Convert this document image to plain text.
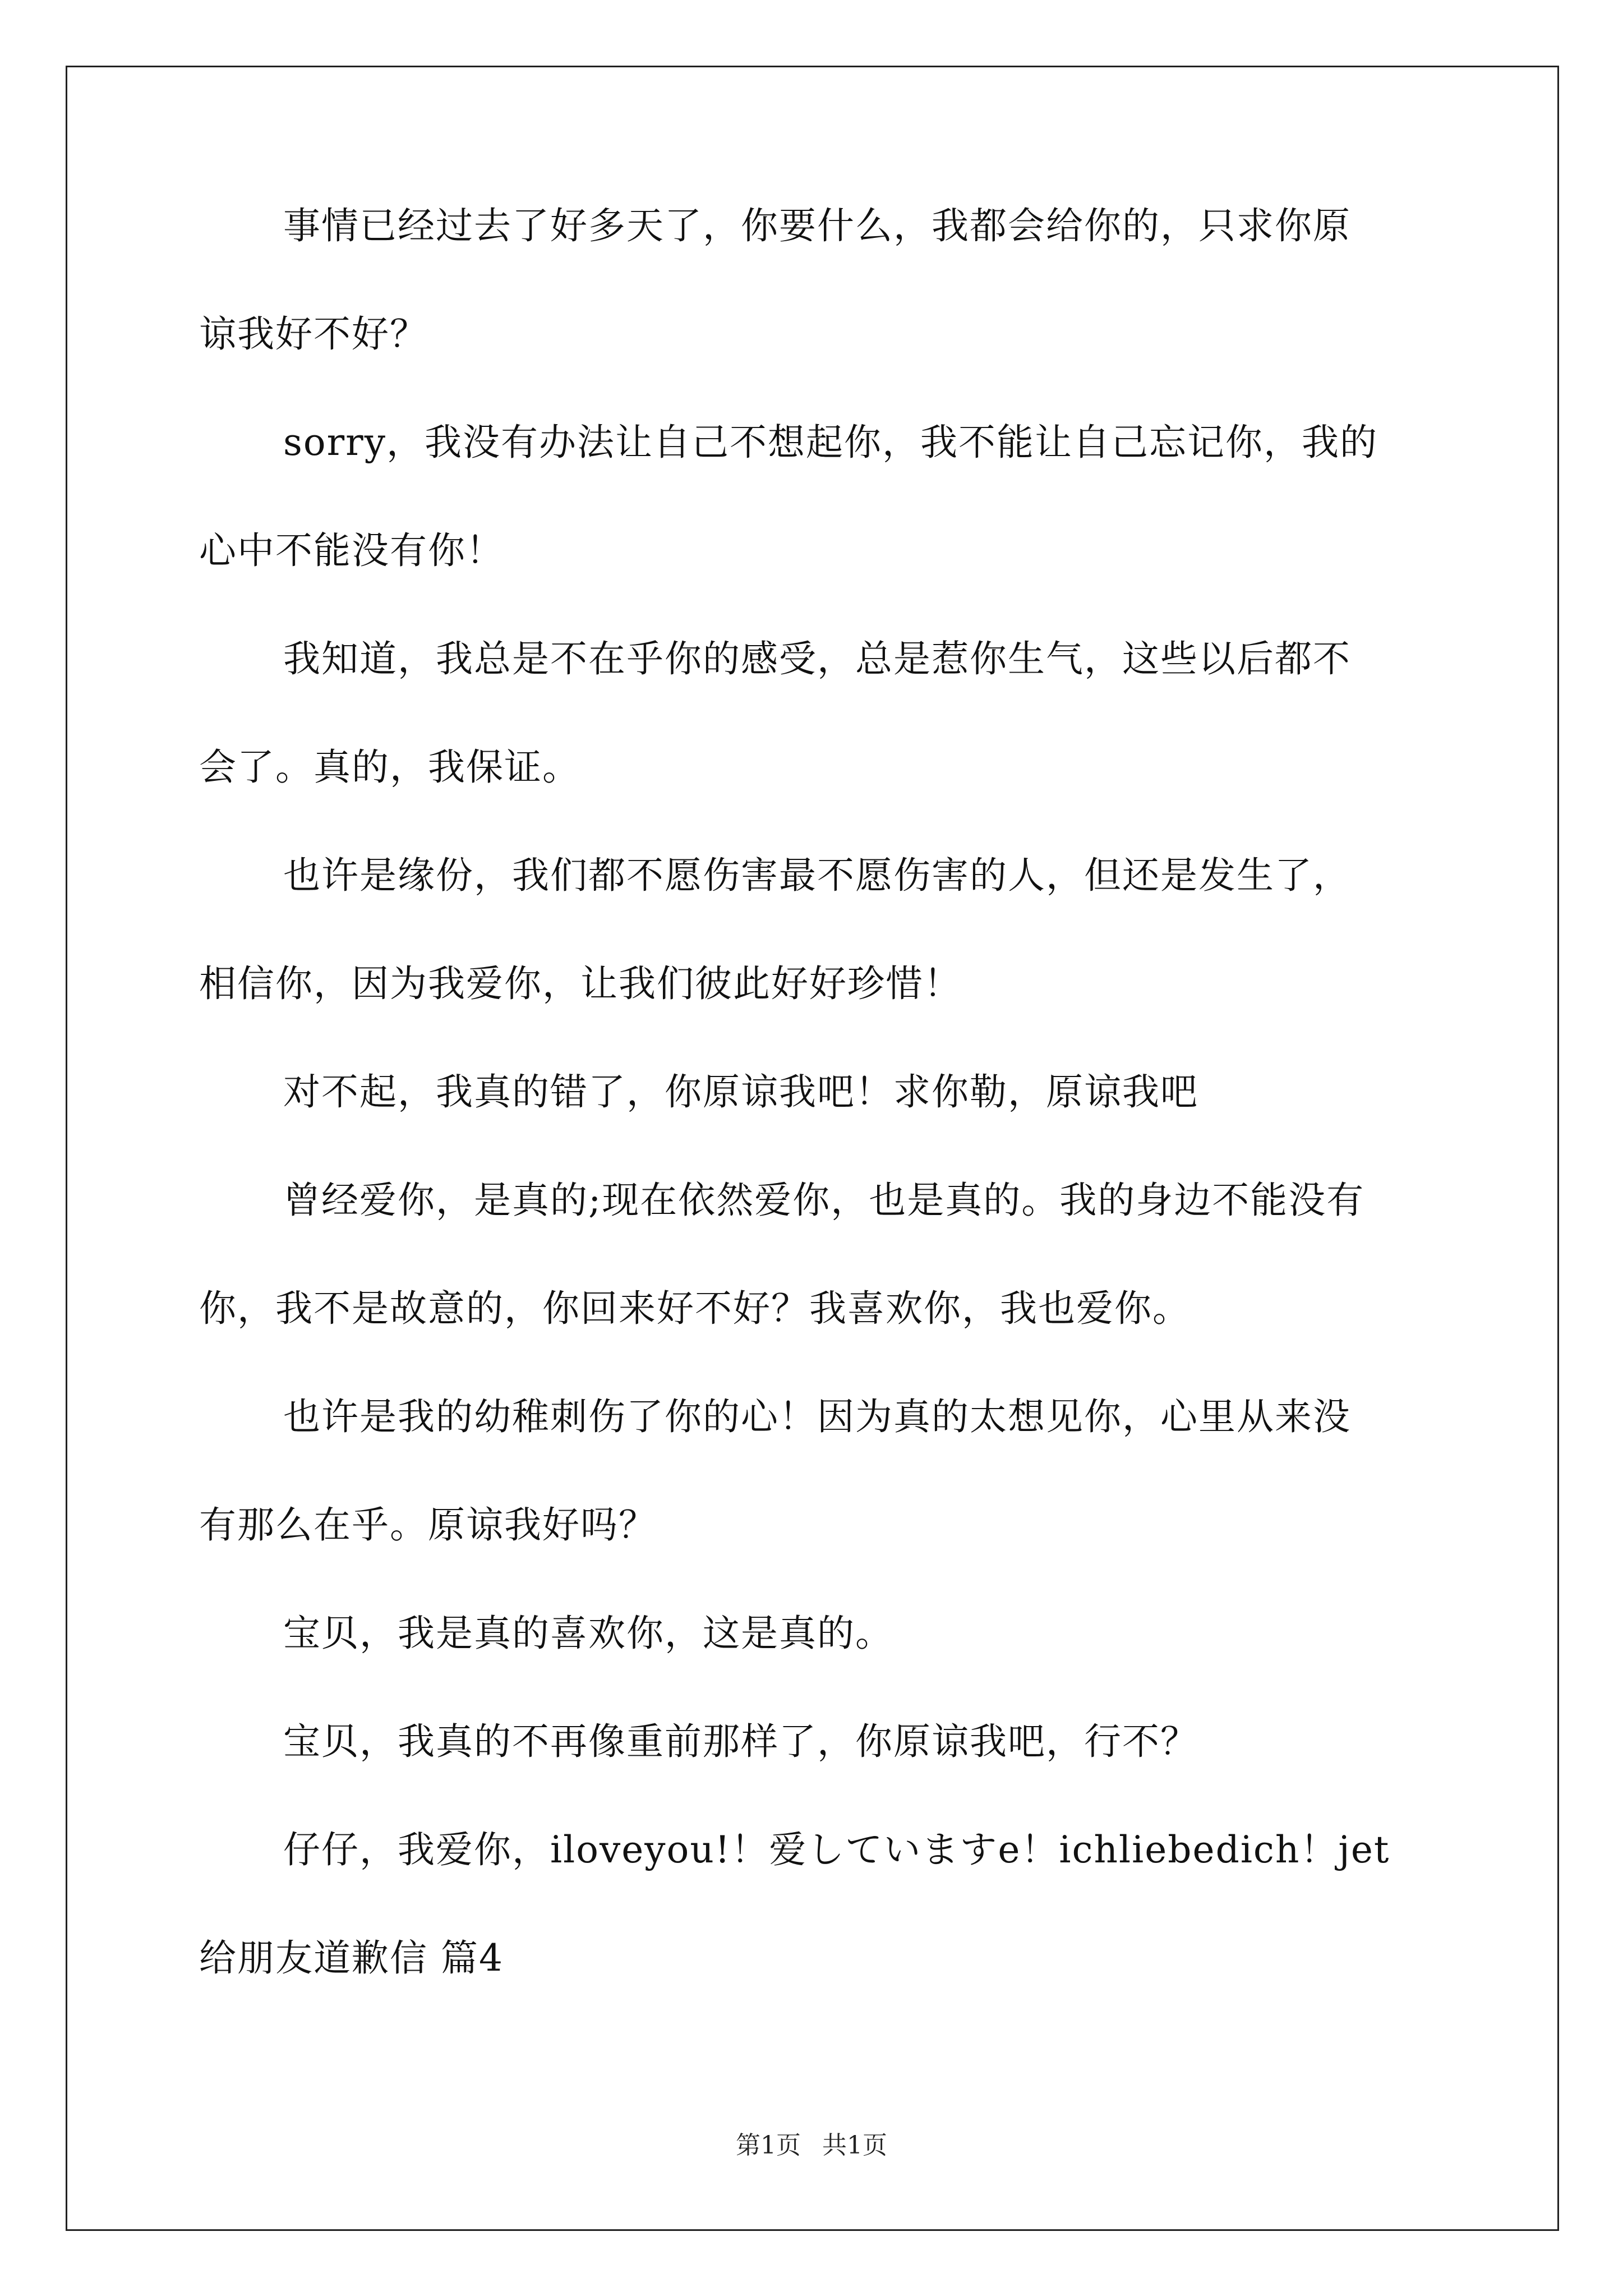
事情已经过去了好多天了，你要什么，我都会给你的，只求你原
谅我好不好？
sorry，我没有办法让自己不想起你，我不能让自己忘记你，我的
心中不能没有你！
我知道，我总是不在乎你的感受，总是惹你生气，这些以后都不
会了。真的，我保证。
也许是缘份，我们都不愿伤害最不愿伤害的人，但还是发生了，
相信你，因为我爱你，让我们彼此好好珍惜！
对不起，我真的错了，你原谅我吧！求你勒，原谅我吧
曾经爱你，是真的;现在依然爱你，也是真的。我的身边不能没有
你，我不是故意的，你回来好不好？我喜欢你，我也爱你。
也许是我的幼稚刺伤了你的心！因为真的太想见你，心里从来没
有那么在乎。原谅我好吗？
宝贝，我是真的喜欢你，这是真的。
宝贝，我真的不再像重前那样了，你原谅我吧，行不？
仔仔，我爱你，iloveyou!！爱していますe！ichliebedich！jet
给朋友道歉信 篇4
第1页 共1页
